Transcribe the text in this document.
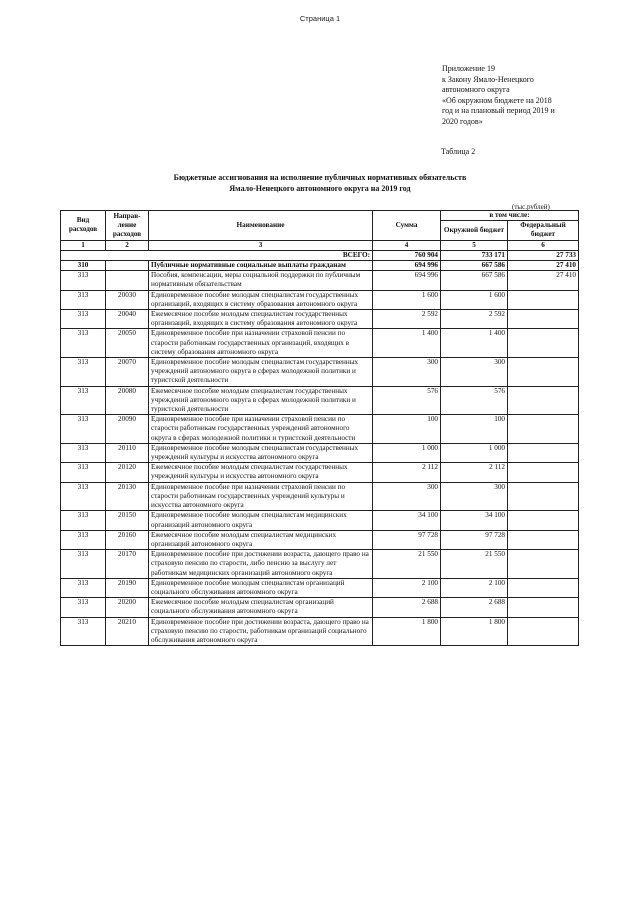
Страница 1
Приложение 19
к Закону Ямало-Ненецкого
автономного округа
«Об окружном бюджете на 2018
год и на плановый период 2019 и
2020 годов»
Таблица 2
Бюджетные ассигнования на исполнение публичных нормативных обязательств
Ямало-Ненецкого автономного округа на 2019 год
(тыс.рублей)
Вид расходов	Направ-ление расходов	Наименование	Сумма	в том числе:	
				Окружной бюджет	Федеральный бюджет
1	2	3	4	5	6
ВСЕГО:			760 904	733 171	27 733
310		Публичные нормативные социальные выплаты гражданам	694 996	667 586	27 410
313		Пособия, компенсации, меры социальной поддержки по публичным нормативным обязательствам	694 996	667 586	27 410
313	20030	Единовременное пособие молодым специалистам государственных организаций, входящих в систему образования автономного округа	1 600	1 600	
313	20040	Ежемесячное пособие молодым специалистам государственных организаций, входящих в систему образования автономного округа	2 592	2 592	
313	20050	Единовременное пособие при назначении страховой пенсии по старости работникам государственных организаций, входящих в систему образования автономного округа	1 400	1 400	
313	20070	Единовременное пособие молодым специалистам государственных учреждений автономного округа в сферах молодежной политики и туристской деятельности	300	300	
313	20080	Ежемесячное пособие молодым специалистам государственных учреждений автономного округа в сферах молодежной политики и туристской деятельности	576	576	
313	20090	Единовременное пособие при назначении страховой пенсии по старости работникам государственных учреждений автономного округа в сферах молодежной политики и туристской деятельности	100	100	
313	20110	Единовременное пособие молодым специалистам государственных учреждений культуры и искусства автономного округа	1 000	1 000	
313	20120	Ежемесячное пособие молодым специалистам государственных учреждений культуры и искусства автономного округа	2 112	2 112	
313	20130	Единовременное пособие при назначении страховой пенсии по старости работникам государственных учреждений культуры и искусства автономного округа	300	300	
313	20150	Единовременное пособие молодым специалистам медицинских организаций автономного округа	34 100	34 100	
313	20160	Ежемесячное пособие молодым специалистам медицинских организаций автономного округа	97 728	97 728	
313	20170	Единовременное пособие при достижении возраста, дающего право на страховую пенсию по старости, либо пенсию за выслугу лет работникам медицинских организаций автономного округа	21 550	21 550	
313	20190	Единовременное пособие молодым специалистам организаций социального обслуживания автономного округа	2 100	2 100	
313	20200	Ежемесячное пособие молодым специалистам организаций социального обслуживания автономного округа	2 688	2 688	
313	20210	Единовременное пособие при достижении возраста, дающего право на страховую пенсию по старости, работникам организаций социального обслуживания автономного округа	1 800	1 800	
